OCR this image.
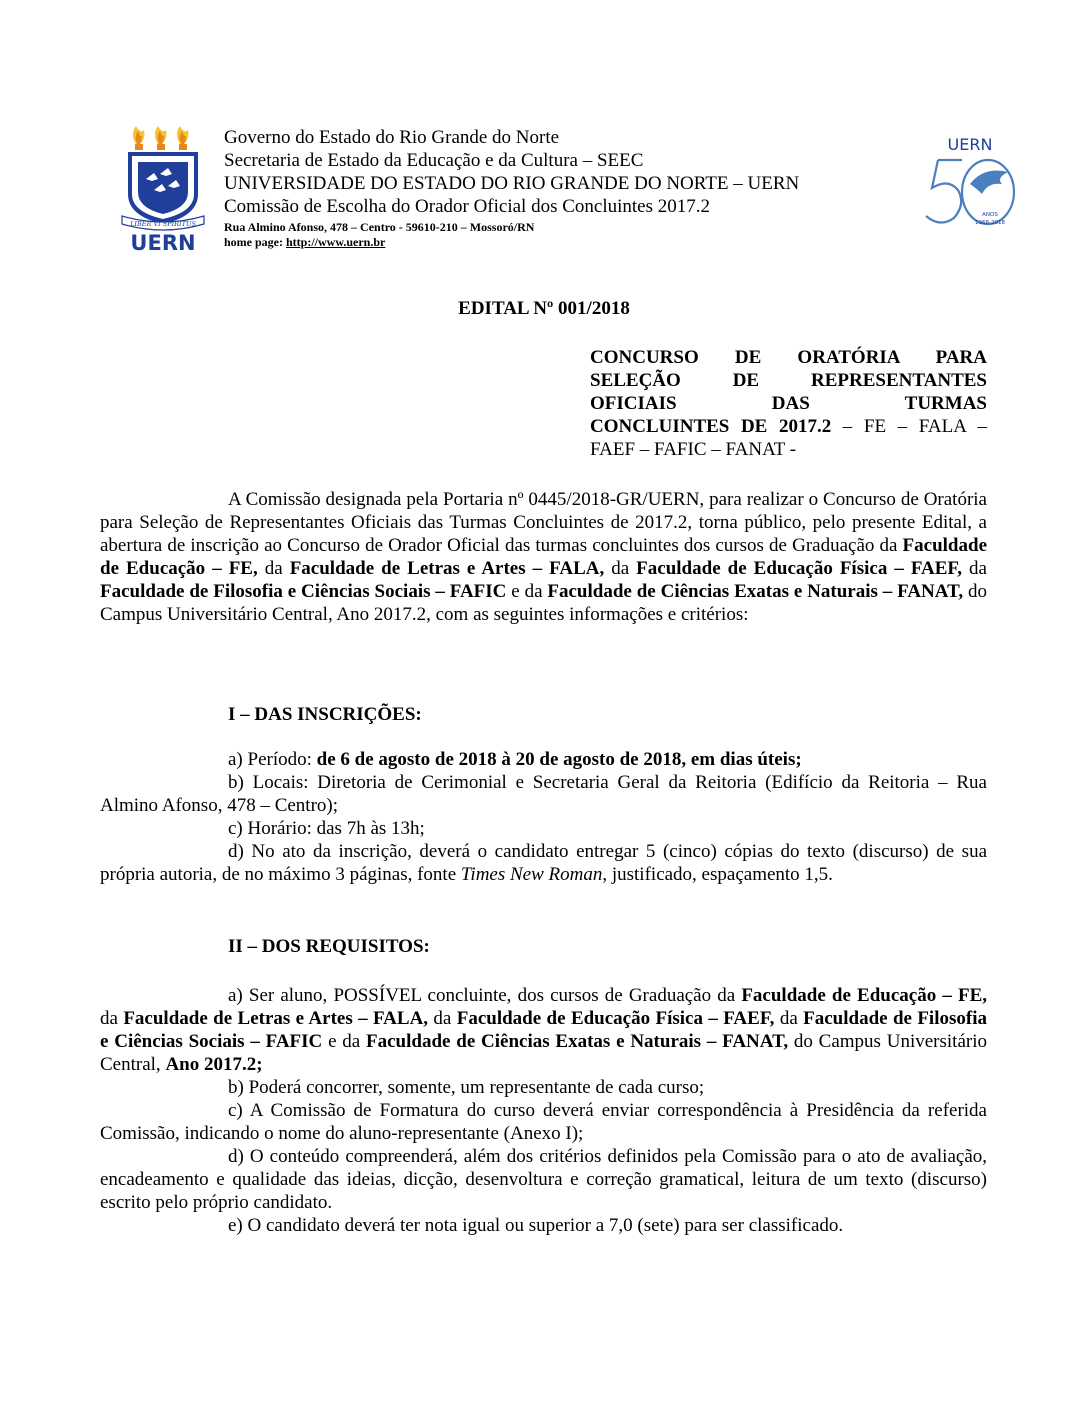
LIBER VI SPIRITUS
UERN
Governo do Estado do Rio Grande do Norte
Secretaria de Estado da Educação e da Cultura – SEEC
UNIVERSIDADE DO ESTADO DO RIO GRANDE DO NORTE – UERN
Comissão de Escolha do Orador Oficial dos Concluintes 2017.2
Rua Almino Afonso, 478 – Centro - 59610-210 – Mossoró/RN
home page: http://www.uern.br
UERN
ANOS
1968-2018
EDITAL Nº 001/2018
CONCURSO DE ORATÓRIA PARA
SELEÇÃO DE REPRESENTANTES
OFICIAIS DAS TURMAS
CONCLUINTES DE 2017.2 – FE – FALA –
FAEF – FAFIC – FANAT -
A Comissão designada pela Portaria nº 0445/2018-GR/UERN, para realizar o Concurso de Oratória para Seleção de Representantes Oficiais das Turmas Concluintes de 2017.2, torna público, pelo presente Edital, a abertura de inscrição ao Concurso de Orador Oficial das turmas concluintes dos cursos de Graduação da Faculdade de Educação – FE, da Faculdade de Letras e Artes – FALA, da Faculdade de Educação Física – FAEF, da Faculdade de Filosofia e Ciências Sociais – FAFIC e da Faculdade de Ciências Exatas e Naturais – FANAT, do Campus Universitário Central, Ano 2017.2, com as seguintes informações e critérios:
I – DAS INSCRIÇÕES:
a) Período: de 6 de agosto de 2018 à 20 de agosto de 2018, em dias úteis;
b) Locais: Diretoria de Cerimonial e Secretaria Geral da Reitoria (Edifício da Reitoria – Rua Almino Afonso, 478 – Centro);
c) Horário: das 7h às 13h;
d) No ato da inscrição, deverá o candidato entregar 5 (cinco) cópias do texto (discurso) de sua própria autoria, de no máximo 3 páginas, fonte Times New Roman, justificado, espaçamento 1,5.
II – DOS REQUISITOS:
a) Ser aluno, POSSÍVEL concluinte, dos cursos de Graduação da Faculdade de Educação – FE, da Faculdade de Letras e Artes – FALA, da Faculdade de Educação Física – FAEF, da Faculdade de Filosofia e Ciências Sociais – FAFIC e da Faculdade de Ciências Exatas e Naturais – FANAT, do Campus Universitário Central, Ano 2017.2;
b) Poderá concorrer, somente, um representante de cada curso;
c) A Comissão de Formatura do curso deverá enviar correspondência à Presidência da referida Comissão, indicando o nome do aluno-representante (Anexo I);
d) O conteúdo compreenderá, além dos critérios definidos pela Comissão para o ato de avaliação, encadeamento e qualidade das ideias, dicção, desenvoltura e correção gramatical, leitura de um texto (discurso) escrito pelo próprio candidato.
e) O candidato deverá ter nota igual ou superior a 7,0 (sete) para ser classificado.
